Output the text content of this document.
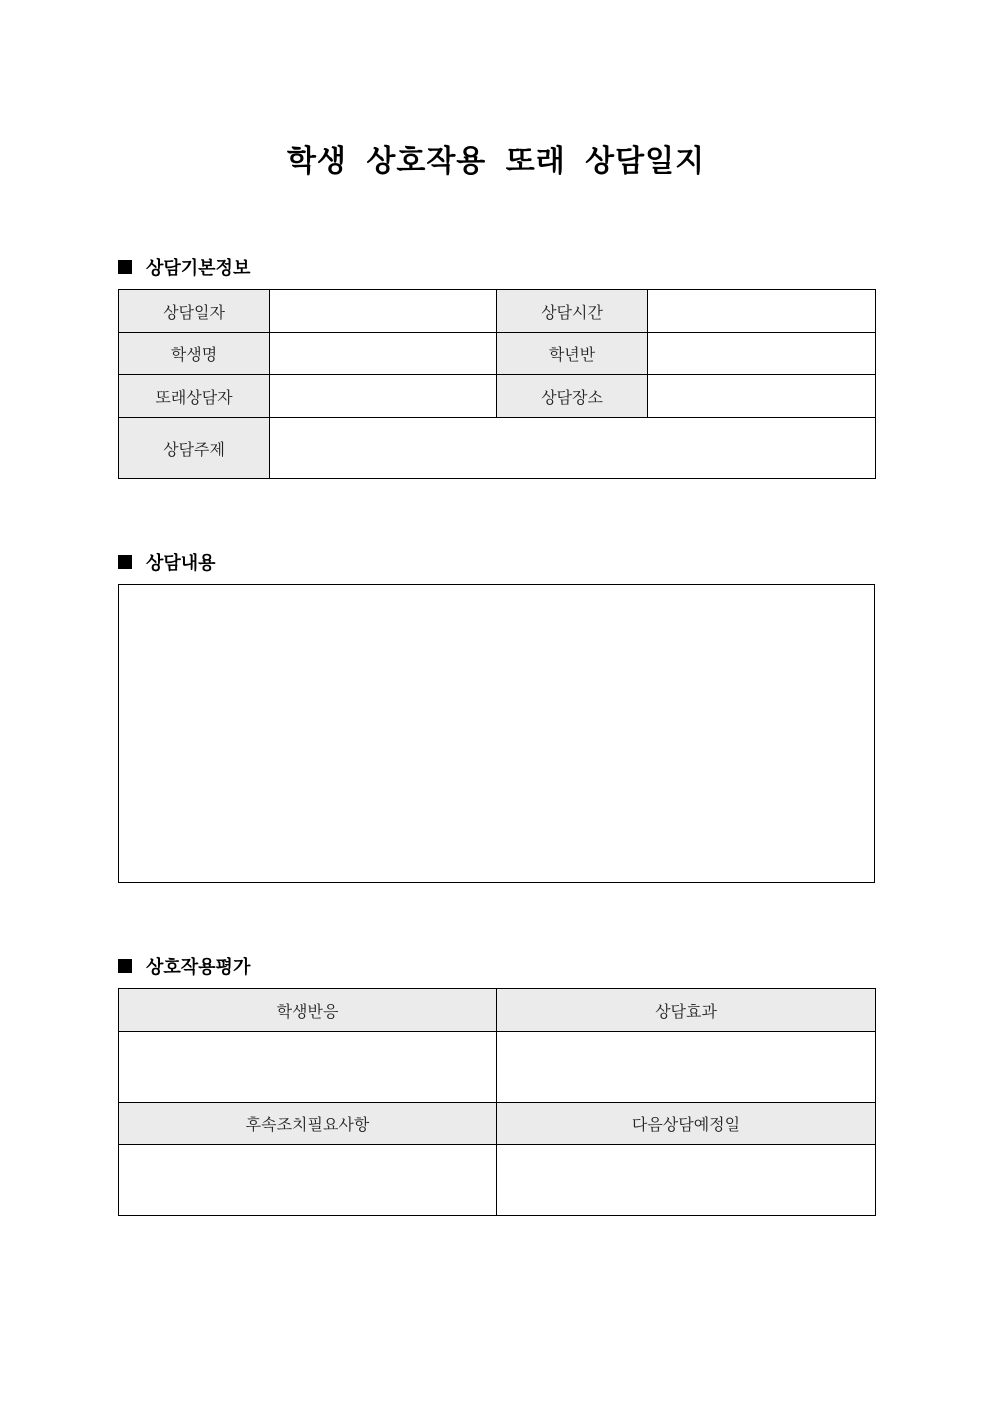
학생 상호작용 또래 상담일지
상담기본정보
상담일자		상담시간	
학생명		학년반	
또래상담자		상담장소	
상담주제			
상담내용
상호작용평가
학생반응	상담효과

후속조치필요사항	다음상담예정일
